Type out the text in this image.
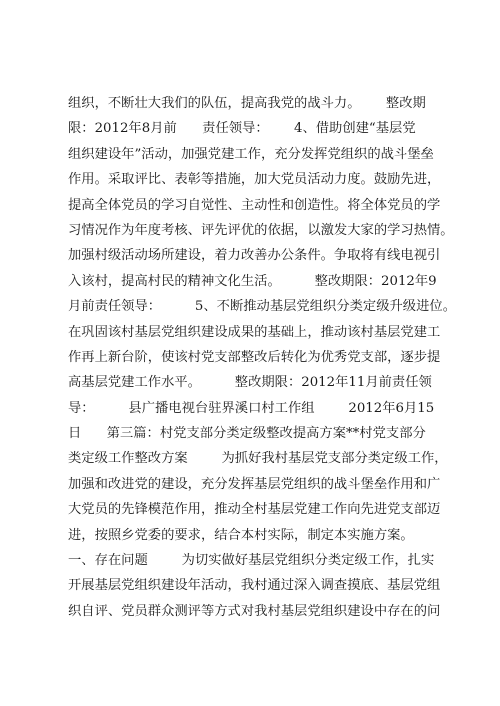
组织，不断壮大我们的队伍，提高我党的战斗力。      整改期
限：2012年8月前      责任领导：      4、借助创建“基层党
组织建设年”活动，加强党建工作，充分发挥党组织的战斗堡垒
作用。采取评比、表彰等措施，加大党员活动力度。鼓励先进，
提高全体党员的学习自觉性、主动性和创造性。将全体党员的学
习情况作为年度考核、评先评优的依据，以激发大家的学习热情。
加强村级活动场所建设，着力改善办公条件。争取将有线电视引
入该村，提高村民的精神文化生活。        整改期限：2012年9
月前责任领导：        5、不断推动基层党组织分类定级升级进位。
在巩固该村基层党组织建设成果的基础上，推动该村基层党建工
作再上新台阶，使该村党支部整改后转化为优秀党支部，逐步提
高基层党建工作水平。        整改期限：2012年11月前责任领
导：        县广播电视台驻界溪口村工作组        2012年6月15
日      第三篇：村党支部分类定级整改提高方案**村党支部分
类定级工作整改方案        为抓好我村基层党支部分类定级工作，
加强和改进党的建设，充分发挥基层党组织的战斗堡垒作用和广
大党员的先锋模范作用，推动全村基层党建工作向先进党支部迈
进，按照乡党委的要求，结合本村实际，制定本实施方案。
一、存在问题        为切实做好基层党组织分类定级工作，扎实
开展基层党组织建设年活动，我村通过深入调查摸底、基层党组
织自评、党员群众测评等方式对我村基层党组织建设中存在的问
